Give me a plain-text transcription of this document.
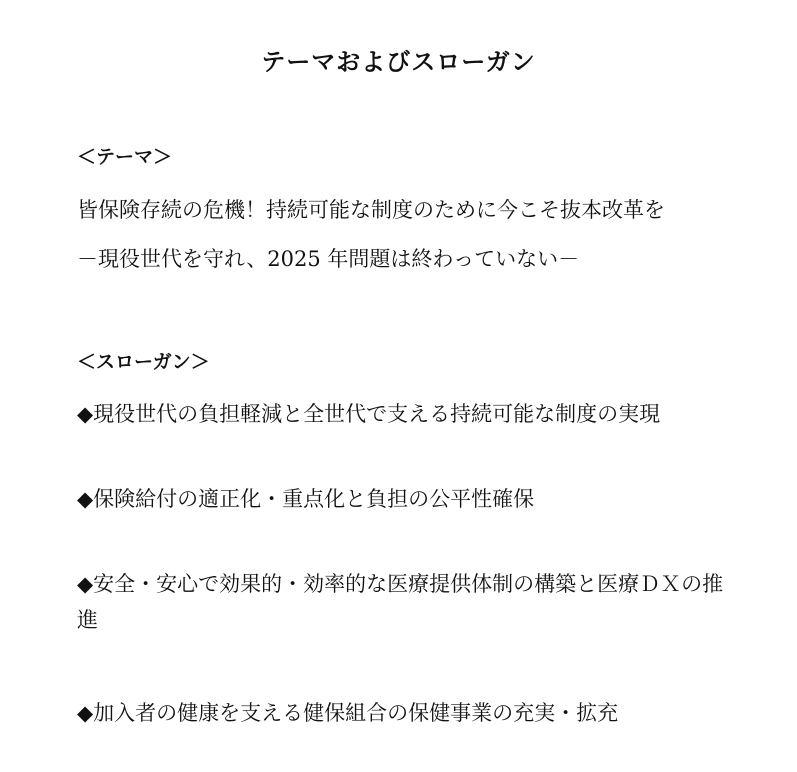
テーマおよびスローガン
＜テーマ＞
皆保険存続の危機！持続可能な制度のために今こそ抜本改革を
－現役世代を守れ、2025 年問題は終わっていない－
＜スローガン＞
◆現役世代の負担軽減と全世代で支える持続可能な制度の実現
◆保険給付の適正化・重点化と負担の公平性確保
◆安全・安心で効果的・効率的な医療提供体制の構築と医療ＤＸの推進
◆加入者の健康を支える健保組合の保健事業の充実・拡充
